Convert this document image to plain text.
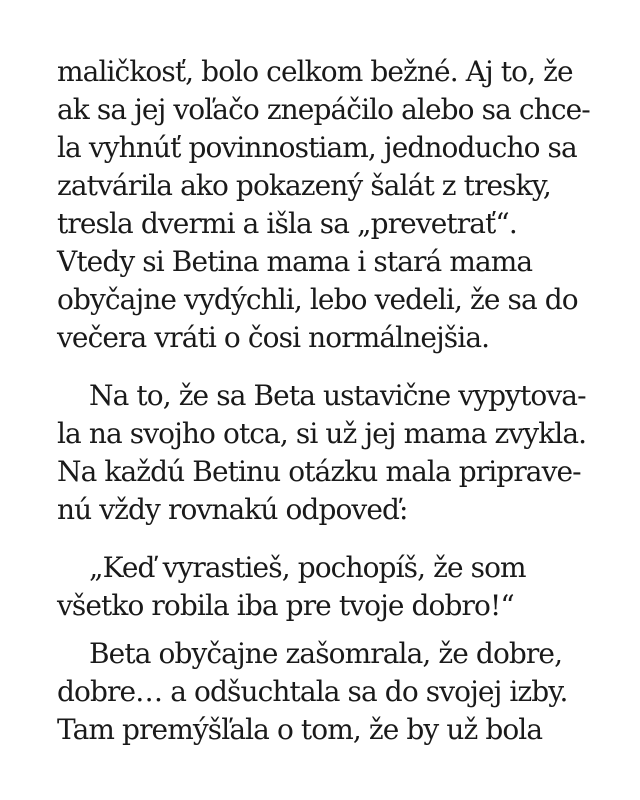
maličkosť, bolo celkom bežné. Aj to, že
ak sa jej voľačo znepáčilo alebo sa chce-
la vyhnúť povinnostiam, jednoducho sa
zatvárila ako pokazený šalát z tresky,
tresla dvermi a išla sa „prevetrať“.
Vtedy si Betina mama i stará mama
obyčajne vydýchli, lebo vedeli, že sa do
večera vráti o čosi normálnejšia.
Na to, že sa Beta ustavične vypytova-
la na svojho otca, si už jej mama zvykla.
Na každú Betinu otázku mala priprave-
nú vždy rovnakú odpoveď:
„Keď vyrastieš, pochopíš, že som
všetko robila iba pre tvoje dobro!“
Beta obyčajne zašomrala, že dobre,
dobre… a odšuchtala sa do svojej izby.
Tam premýšľala o tom, že by už bola
